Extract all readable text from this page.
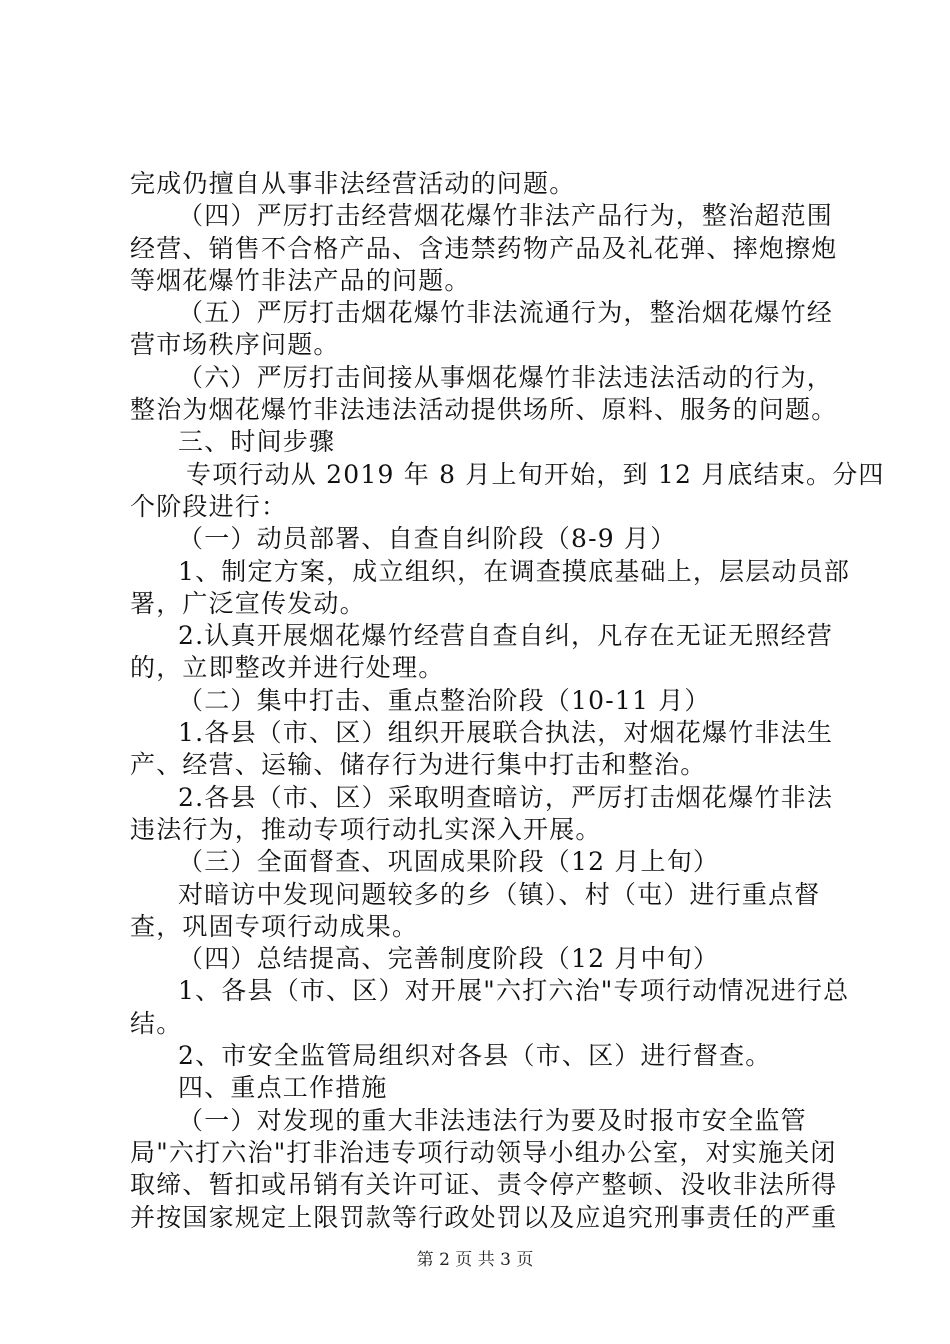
完成仍擅自从事非法经营活动的问题。
（四）严厉打击经营烟花爆竹非法产品行为，整治超范围
经营、销售不合格产品、含违禁药物产品及礼花弹、摔炮擦炮
等烟花爆竹非法产品的问题。
（五）严厉打击烟花爆竹非法流通行为，整治烟花爆竹经
营市场秩序问题。
（六）严厉打击间接从事烟花爆竹非法违法活动的行为，
整治为烟花爆竹非法违法活动提供场所、原料、服务的问题。
三、时间步骤
专项行动从 2019 年 8 月上旬开始，到 12 月底结束。分四
个阶段进行：
（一）动员部署、自查自纠阶段（8-9 月）
1、制定方案，成立组织，在调查摸底基础上，层层动员部
署，广泛宣传发动。
2.认真开展烟花爆竹经营自查自纠，凡存在无证无照经营
的，立即整改并进行处理。
（二）集中打击、重点整治阶段（10-11 月）
1.各县（市、区）组织开展联合执法，对烟花爆竹非法生
产、经营、运输、储存行为进行集中打击和整治。
2.各县（市、区）采取明查暗访，严厉打击烟花爆竹非法
违法行为，推动专项行动扎实深入开展。
（三）全面督查、巩固成果阶段（12 月上旬）
对暗访中发现问题较多的乡（镇）、村（屯）进行重点督
查，巩固专项行动成果。
（四）总结提高、完善制度阶段（12 月中旬）
1、各县（市、区）对开展"六打六治"专项行动情况进行总
结。
2、市安全监管局组织对各县（市、区）进行督查。
四、重点工作措施
（一）对发现的重大非法违法行为要及时报市安全监管
局"六打六治"打非治违专项行动领导小组办公室，对实施关闭
取缔、暂扣或吊销有关许可证、责令停产整顿、没收非法所得
并按国家规定上限罚款等行政处罚以及应追究刑事责任的严重
第 2 页 共 3 页
